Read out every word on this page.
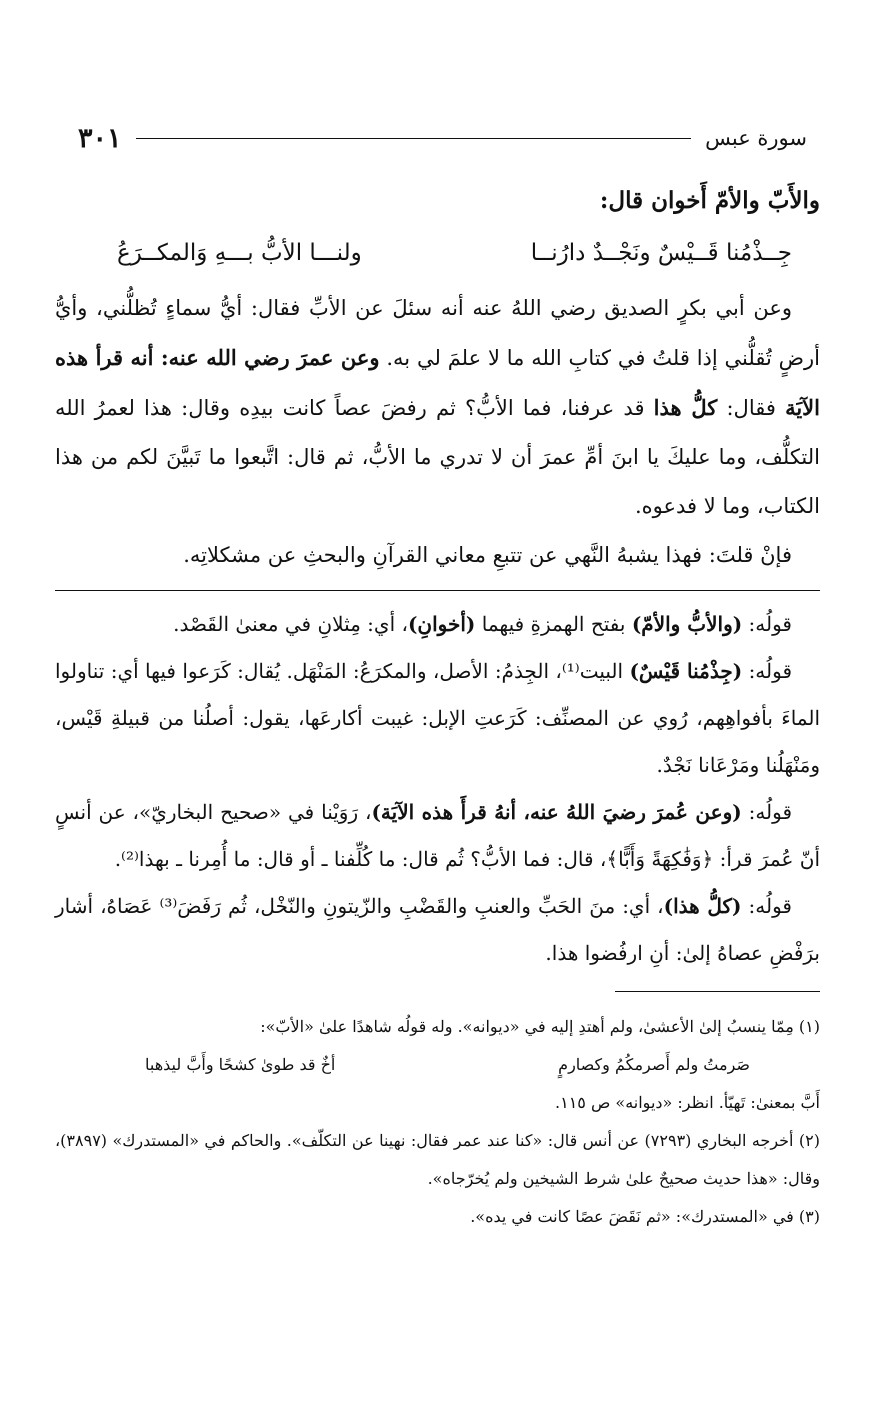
سورة عبس
٣٠١

والأَبّ والأمّ أَخوان قال:

جِــذْمُنا قَــيْسٌ ونَجْــدٌ دارُنــا
ولنـــا الأبُّ بـــهِ وَالمكــرَعُ

وعن أبي بكرٍ الصديق رضي اللهُ عنه أنه سئلَ عن الأبِّ فقال: أيُّ سماءٍ تُظلُّني، وأيُّ أرضٍ تُقلُّني إذا قلتُ في كتابِ الله ما لا علمَ لي به. وعن عمرَ رضي الله عنه: أنه قرأ هذه الآيَة فقال: كلُّ هذا قد عرفنا، فما الأبُّ؟ ثم رفضَ عصاً كانت بيدِه وقال: هذا لعمرُ الله التكلُّف، وما عليكَ يا ابنَ أمِّ عمرَ أن لا تدري ما الأبُّ، ثم قال: اتَّبعوا ما تَبيَّنَ لكم من هذا الكتاب، وما لا فدعوه.

فإنْ قلتَ: فهذا يشبهُ النَّهي عن تتبعِ معاني القرآنِ والبحثِ عن مشكلاتِه.

قولُه: (والأبُّ والأمّ) بفتح الهمزةِ فيهما (أخوانِ)، أي: مِثلانِ في معنىٰ القَصْد.

قولُه: (جِذْمُنا قَيْسٌ) البيت⁽¹⁾، الجِذمُ: الأصل، والمكرَعُ: المَنْهَل. يُقال: كَرَعوا فيها أي: تناولوا الماءَ بأفواهِهم، رُوي عن المصنِّف: كَرَعتِ الإبل: غيبت أكارعَها، يقول: أصلُنا من قبيلةِ قَيْس، ومَنْهَلُنا ومَرْعَانا نَجْدٌ.

قولُه: (وعن عُمرَ رضيَ اللهُ عنه، أنهُ قرأَ هذه الآيَة)، رَوَيْنا في «صحيح البخاريّ»، عن أنسٍ أنّ عُمرَ قرأ: ﴿وَفَٰكِهَةً وَأَبًّا﴾، قال: فما الأبُّ؟ ثُم قال: ما كُلِّفنا ـ أو قال: ما أُمِرنا ـ بهذا⁽²⁾.

قولُه: (كلُّ هذا)، أي: منَ الحَبِّ والعنبِ والقَضْبِ والزّيتونِ والنّخْل، ثُم رَفَضَ⁽³⁾ عَصَاهُ، أشار برَفْضِ عصاهُ إلىٰ: أنِ ارفُضوا هذا.

(١) مِمّا ينسبُ إلىٰ الأعشىٰ، ولم أهتدِ إليه في «ديوانه». وله قولُه شاهدًا علىٰ «الأبّ»:

صَرمتُ ولم أَصرمكُمُ وكصارمٍ
أخٌ قد طوىٰ كشحًا وأَبَّ ليذهبا

أَبَّ بمعنىٰ: تَهيّأ. انظر: «ديوانه» ص ١١٥.

(٢) أخرجه البخاري (٧٢٩٣) عن أنس قال: «كنا عند عمر فقال: نهينا عن التكلّف». والحاكم في «المستدرك» (٣٨٩٧)، وقال: «هذا حديث صحيحٌ علىٰ شرط الشيخين ولم يُخرّجاه».

(٣) في «المستدرك»: «ثم نَقَضَ عصًا كانت في يده».
